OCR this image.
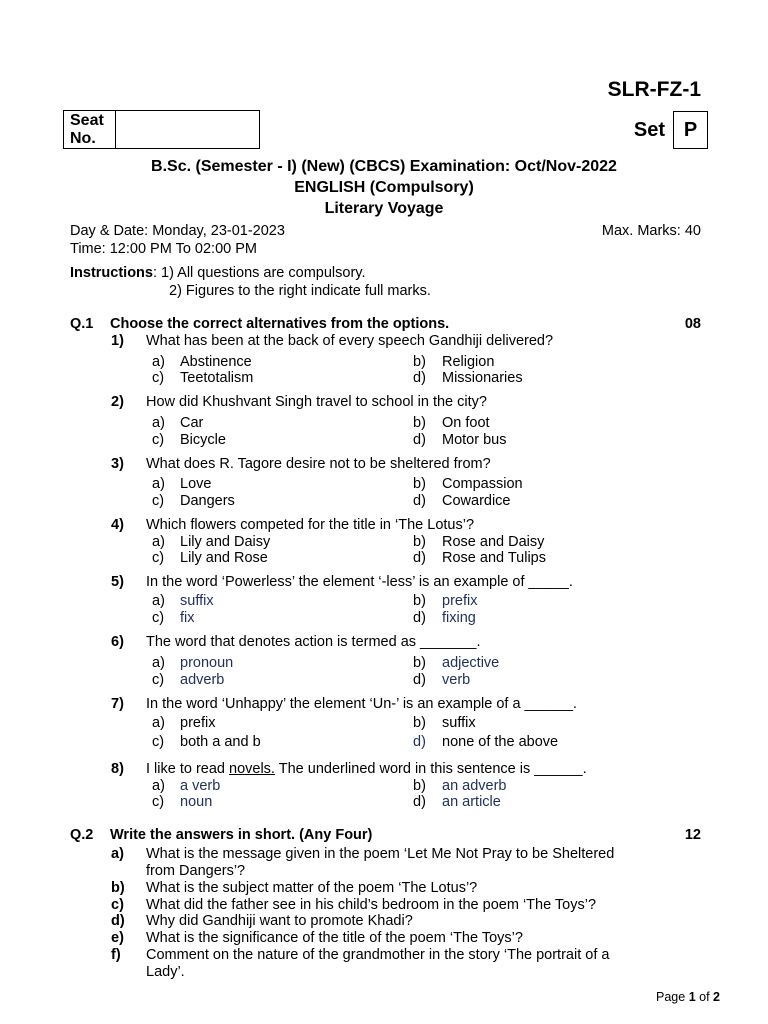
SLR-FZ-1
Seat
No.	Set P
B.Sc. (Semester - I) (New) (CBCS) Examination: Oct/Nov-2022
ENGLISH (Compulsory)
Literary Voyage
Day & Date: Monday, 23-01-2023	Max. Marks: 40
Time: 12:00 PM To 02:00 PM
Instructions: 1) All questions are compulsory.
2) Figures to the right indicate full marks.
Q.1 Choose the correct alternatives from the options.	08
1) What has been at the back of every speech Gandhiji delivered?
a) Abstinence	b) Religion
c) Teetotalism	d) Missionaries
2) How did Khushvant Singh travel to school in the city?
a) Car	b) On foot
c) Bicycle	d) Motor bus
3) What does R. Tagore desire not to be sheltered from?
a) Love	b) Compassion
c) Dangers	d) Cowardice
4) Which flowers competed for the title in ‘The Lotus’?
a) Lily and Daisy	b) Rose and Daisy
c) Lily and Rose	d) Rose and Tulips
5) In the word ‘Powerless’ the element ‘-less’ is an example of _____.
a) suffix	b) prefix
c) fix	d) fixing
6) The word that denotes action is termed as _______.
a) pronoun	b) adjective
c) adverb	d) verb
7) In the word ‘Unhappy’ the element ‘Un-’ is an example of a ______.
a) prefix	b) suffix
c) both a and b	d) none of the above
8) I like to read novels. The underlined word in this sentence is ______.
a) a verb	b) an adverb
c) noun	d) an article
Q.2 Write the answers in short. (Any Four)	12
a) What is the message given in the poem ‘Let Me Not Pray to be Sheltered
from Dangers’?
b) What is the subject matter of the poem ‘The Lotus’?
c) What did the father see in his child’s bedroom in the poem ‘The Toys’?
d) Why did Gandhiji want to promote Khadi?
e) What is the significance of the title of the poem ‘The Toys’?
f) Comment on the nature of the grandmother in the story ‘The portrait of a
Lady’.
Page 1 of 2
